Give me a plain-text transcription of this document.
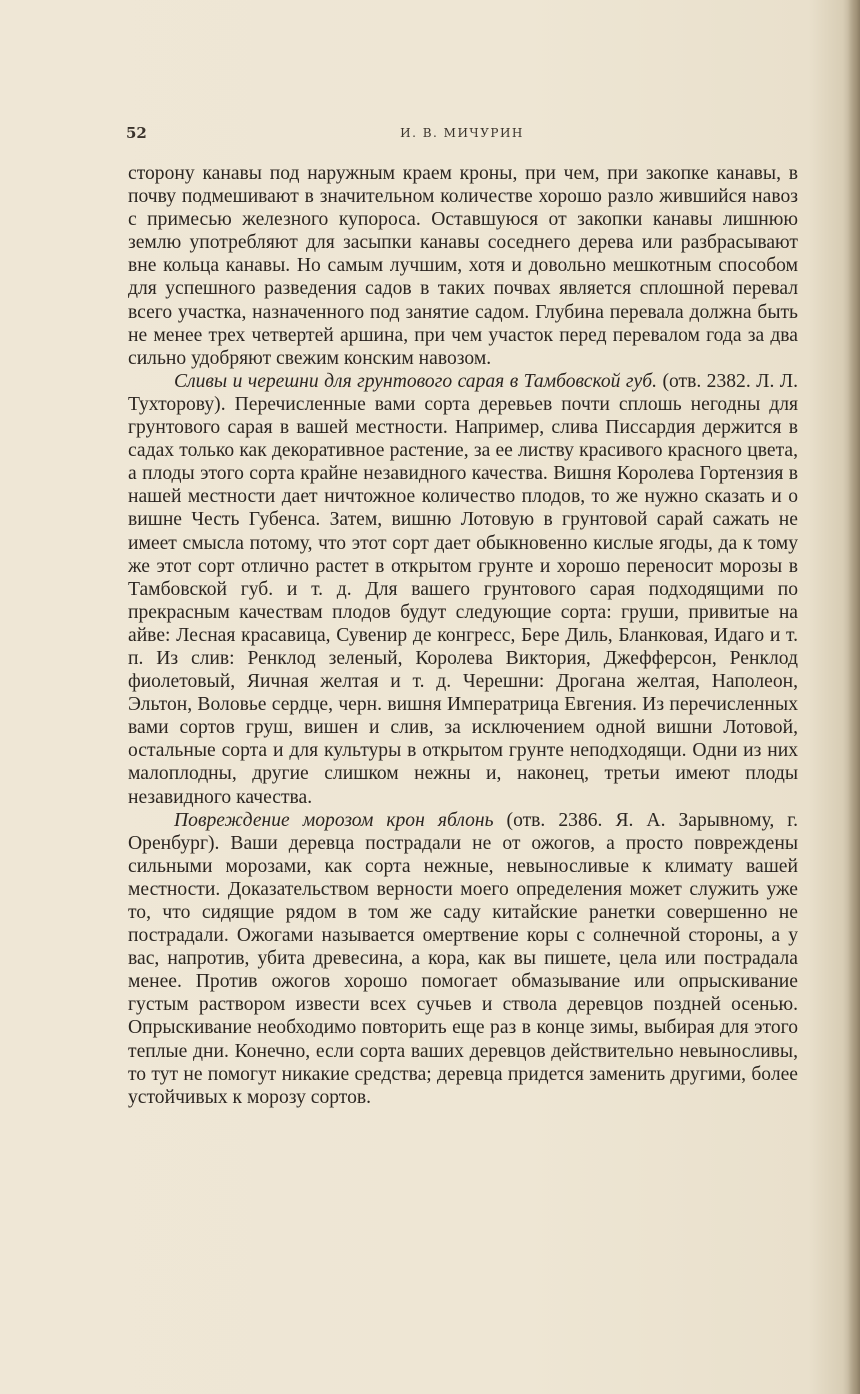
52	И. В. МИЧУРИН

сторону канавы под наружным краем кроны, при чем, при закопке канавы, в почву подмешивают в значительном количестве хорошо разло жившийся навоз с примесью железного купороса. Оставшуюся от закопки канавы лишнюю землю употребляют для засыпки канавы соседнего дерева или разбрасывают вне кольца канавы. Но самым лучшим, хотя и довольно мешкотным способом для успешного разведения садов в таких почвах является сплошной перевал всего участка, назначенного под занятие садом. Глубина перевала должна быть не менее трех четвертей аршина, при чем участок перед перевалом года за два сильно удобряют свежим конским навозом.

Сливы и черешни для грунтового сарая в Тамбовской губ. (отв. 2382. Л. Л. Тухторову). Перечисленные вами сорта деревьев почти сплошь негодны для грунтового сарая в вашей местности. Например, слива Писсардия держится в садах только как декоративное растение, за ее листву красивого красного цвета, а плоды этого сорта крайне незавидного качества. Вишня Королева Гортензия в нашей местности дает ничтожное количество плодов, то же нужно сказать и о вишне Честь Губенса. Затем, вишню Лотовую в грунтовой сарай сажать не имеет смысла потому, что этот сорт дает обыкновенно кислые ягоды, да к тому же этот сорт отлично растет в открытом грунте и хорошо переносит морозы в Тамбовской губ. и т. д. Для вашего грунтового сарая подходящими по прекрасным качествам плодов будут следующие сорта: груши, привитые на айве: Лесная красавица, Сувенир де конгресс, Бере Диль, Бланковая, Идаго и т. п. Из слив: Ренклод зеленый, Королева Виктория, Джефферсон, Ренклод фиолетовый, Яичная желтая и т. д. Черешни: Дрогана желтая, Наполеон, Эльтон, Воловье сердце, черн. вишня Императрица Евгения. Из перечисленных вами сортов груш, вишен и слив, за исключением одной вишни Лотовой, остальные сорта и для культуры в открытом грунте неподходящи. Одни из них малоплодны, другие слишком нежны и, наконец, третьи имеют плоды незавидного качества.

Повреждение морозом крон яблонь (отв. 2386. Я. А. Зарывному, г. Оренбург). Ваши деревца пострадали не от ожогов, а просто повреждены сильными морозами, как сорта нежные, невыносливые к климату вашей местности. Доказательством верности моего определения может служить уже то, что сидящие рядом в том же саду китайские ранетки совершенно не пострадали. Ожогами называется омертвение коры с солнечной стороны, а у вас, напротив, убита древесина, а кора, как вы пишете, цела или пострадала менее. Против ожогов хорошо помогает обмазывание или опрыскивание густым раствором извести всех сучьев и ствола деревцов поздней осенью. Опрыскивание необходимо повторить еще раз в конце зимы, выбирая для этого теплые дни. Конечно, если сорта ваших деревцов действительно невыносливы, то тут не помогут никакие средства; деревца придется заменить другими, более устойчивых к морозу сортов.
